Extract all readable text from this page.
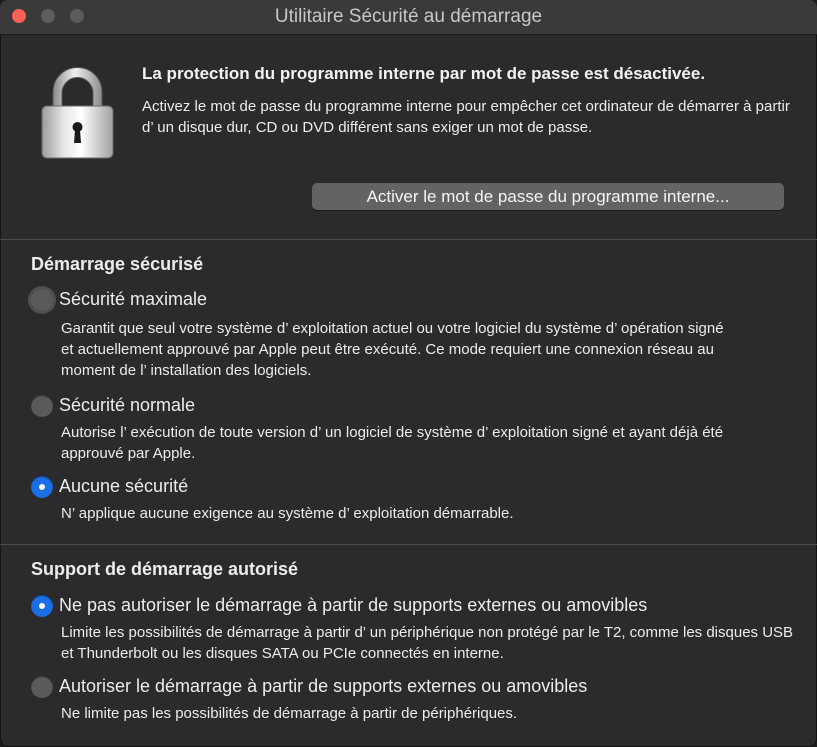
Utilitaire Sécurité au démarrage
La protection du programme interne par mot de passe est désactivée.
Activez le mot de passe du programme interne pour empêcher cet ordinateur de démarrer à partir d’ un disque dur, CD ou DVD différent sans exiger un mot de passe.
Activer le mot de passe du programme interne...
Démarrage sécurisé
Sécurité maximale
Garantit que seul votre système d’ exploitation actuel ou votre logiciel du système d’ opération signé et actuellement approuvé par Apple peut être exécuté. Ce mode requiert une connexion réseau au moment de l’ installation des logiciels.
Sécurité normale
Autorise l’ exécution de toute version d’ un logiciel de système d’ exploitation signé et ayant déjà été approuvé par Apple.
Aucune sécurité
N’ applique aucune exigence au système d’ exploitation démarrable.
Support de démarrage autorisé
Ne pas autoriser le démarrage à partir de supports externes ou amovibles
Limite les possibilités de démarrage à partir d’ un périphérique non protégé par le T2, comme les disques USB et Thunderbolt ou les disques SATA ou PCIe connectés en interne.
Autoriser le démarrage à partir de supports externes ou amovibles
Ne limite pas les possibilités de démarrage à partir de périphériques.
